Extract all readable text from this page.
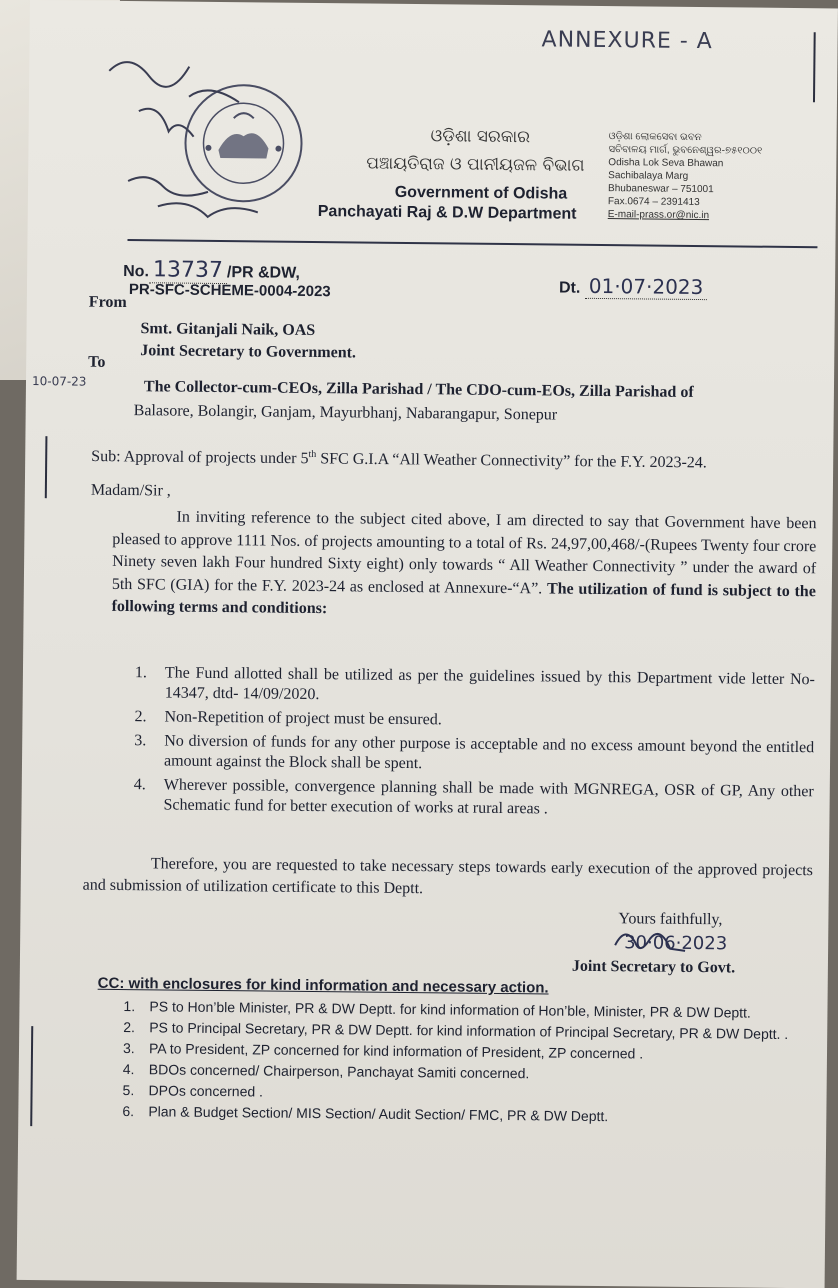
ANNEXURE - A
ଓଡ଼ିଶା ସରକାର
ପଞ୍ଚାୟତିରାଜ ଓ ପାନୀୟଜଳ ବିଭାଗ
Government of Odisha
Panchayati Raj & D.W Department
ଓଡ଼ିଶା ଲୋକସେବା ଭବନ
ସଚିବାଳୟ ମାର୍ଗ, ଭୁବନେଶ୍ୱର-୭୫୧୦୦୧
Odisha Lok Seva Bhawan
Sachibalaya Marg
Bhubaneswar – 751001
Fax.0674 – 2391413
E-mail-prass.or@nic.in
No. 13737 /PR &DW,
PR-SFC-SCHEME-0004-2023	Dt. 01·07·2023
From
Smt. Gitanjali Naik, OAS
Joint Secretary to Government.
To
10-07-23	The Collector-cum-CEOs, Zilla Parishad / The CDO-cum-EOs, Zilla Parishad of
Balasore, Bolangir, Ganjam, Mayurbhanj, Nabarangapur, Sonepur
Sub: Approval of projects under 5th SFC G.I.A “All Weather Connectivity” for the F.Y. 2023-24.
Madam/Sir ,
In inviting reference to the subject cited above, I am directed to say that Government have been pleased to approve 1111 Nos. of projects amounting to a total of Rs. 24,97,00,468/-(Rupees Twenty four crore Ninety seven lakh Four hundred Sixty eight) only towards “ All Weather Connectivity ” under the award of 5th SFC (GIA) for the F.Y. 2023-24 as enclosed at Annexure-“A”. The utilization of fund is subject to the following terms and conditions:
1. The Fund allotted shall be utilized as per the guidelines issued by this Department vide letter No- 14347, dtd- 14/09/2020.
2. Non-Repetition of project must be ensured.
3. No diversion of funds for any other purpose is acceptable and no excess amount beyond the entitled amount against the Block shall be spent.
4. Wherever possible, convergence planning shall be made with MGNREGA, OSR of GP, Any other Schematic fund for better execution of works at rural areas .
Therefore, you are requested to take necessary steps towards early execution of the approved projects and submission of utilization certificate to this Deptt.
Yours faithfully,
30·06·2023
Joint Secretary to Govt.
CC: with enclosures for kind information and necessary action.
1. PS to Hon’ble Minister, PR & DW Deptt. for kind information of Hon’ble, Minister, PR & DW Deptt.
2. PS to Principal Secretary, PR & DW Deptt. for kind information of Principal Secretary, PR & DW Deptt. .
3. PA to President, ZP concerned for kind information of President, ZP concerned .
4. BDOs concerned/ Chairperson, Panchayat Samiti concerned.
5. DPOs concerned .
6. Plan & Budget Section/ MIS Section/ Audit Section/ FMC, PR & DW Deptt.
